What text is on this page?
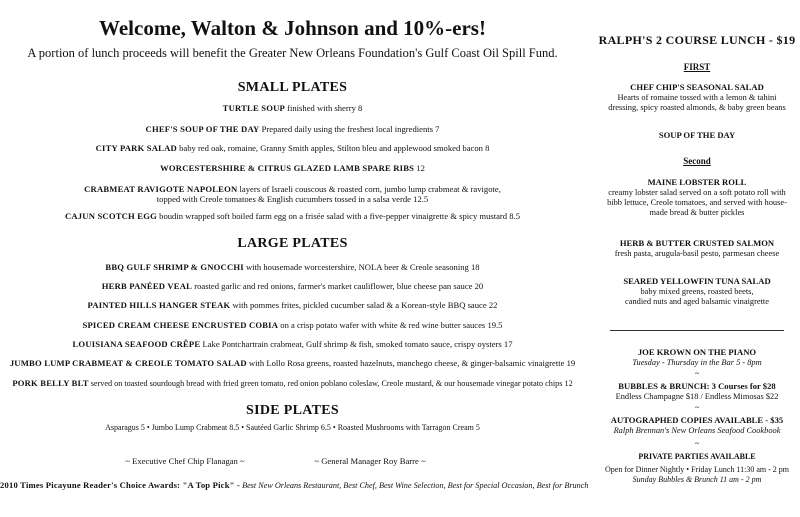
Welcome, Walton & Johnson and 10%-ers!
A portion of lunch proceeds will benefit the Greater New Orleans Foundation's Gulf Coast Oil Spill Fund.
SMALL PLATES
TURTLE SOUP finished with sherry 8
CHEF'S SOUP OF THE DAY Prepared daily using the freshest local ingredients 7
CITY PARK SALAD baby red oak, romaine, Granny Smith apples, Stilton bleu and applewood smoked bacon 8
WORCESTERSHIRE & CITRUS GLAZED LAMB SPARE RIBS 12
CRABMEAT RAVIGOTE NAPOLEON layers of Israeli couscous & roasted corn, jumbo lump crabmeat & ravigote,
topped with Creole tomatoes & English cucumbers tossed in a salsa verde 12.5
CAJUN SCOTCH EGG boudin wrapped soft boiled farm egg on a frisée salad with a five-pepper vinaigrette & spicy mustard 8.5
LARGE PLATES
BBQ GULF SHRIMP & GNOCCHI with housemade worcestershire, NOLA beer & Creole seasoning 18
HERB PANÉED VEAL roasted garlic and red onions, farmer's market cauliflower, blue cheese pan sauce 20
PAINTED HILLS HANGER STEAK with pommes frites, pickled cucumber salad & a Korean-style BBQ sauce 22
SPICED CREAM CHEESE ENCRUSTED COBIA on a crisp potato wafer with white & red wine butter sauces 19.5
LOUISIANA SEAFOOD CRÊPE Lake Pontchartrain crabmeat, Gulf shrimp & fish, smoked tomato sauce, crispy oysters 17
JUMBO LUMP CRABMEAT & CREOLE TOMATO SALAD with Lollo Rosa greens, roasted hazelnuts, manchego cheese, & ginger-balsamic vinaigrette 19
PORK BELLY BLT served on toasted sourdough bread with fried green tomato, red onion poblano coleslaw, Creole mustard, & our housemade vinegar potato chips 12
SIDE PLATES
Asparagus 5 • Jumbo Lump Crabmeat 8.5 • Sautéed Garlic Shrimp 6.5 • Roasted Mushrooms with Tarragon Cream 5
~ Executive Chef Chip Flanagan ~	~ General Manager Roy Barre ~
2010 Times Picayune Reader's Choice Awards: "A Top Pick" - Best New Orleans Restaurant, Best Chef, Best Wine Selection, Best for Special Occasion, Best for Brunch
RALPH'S 2 COURSE LUNCH - $19
FIRST
CHEF CHIP'S SEASONAL SALAD
Hearts of romaine tossed with a lemon & tahini
dressing, spicy roasted almonds, & baby green beans
SOUP OF THE DAY
Second
MAINE LOBSTER ROLL
creamy lobster salad served on a soft potato roll with
bibb lettuce, Creole tomatoes, and served with house-
made bread & butter pickles
HERB & BUTTER CRUSTED SALMON
fresh pasta, arugula-basil pesto, parmesan cheese
SEARED YELLOWFIN TUNA SALAD
baby mixed greens, roasted beets,
candied nuts and aged balsamic vinaigrette
JOE KROWN ON THE PIANO
Tuesday - Thursday in the Bar 5 - 8pm
~
BUBBLES & BRUNCH: 3 Courses for $28
Endless Champagne $18 / Endless Mimosas $22
~
AUTOGRAPHED COPIES AVAILABLE - $35
Ralph Brennan's New Orleans Seafood Cookbook
~
PRIVATE PARTIES AVAILABLE
Open for Dinner Nightly • Friday Lunch 11:30 am - 2 pm
Sunday Bubbles & Brunch 11 am - 2 pm
